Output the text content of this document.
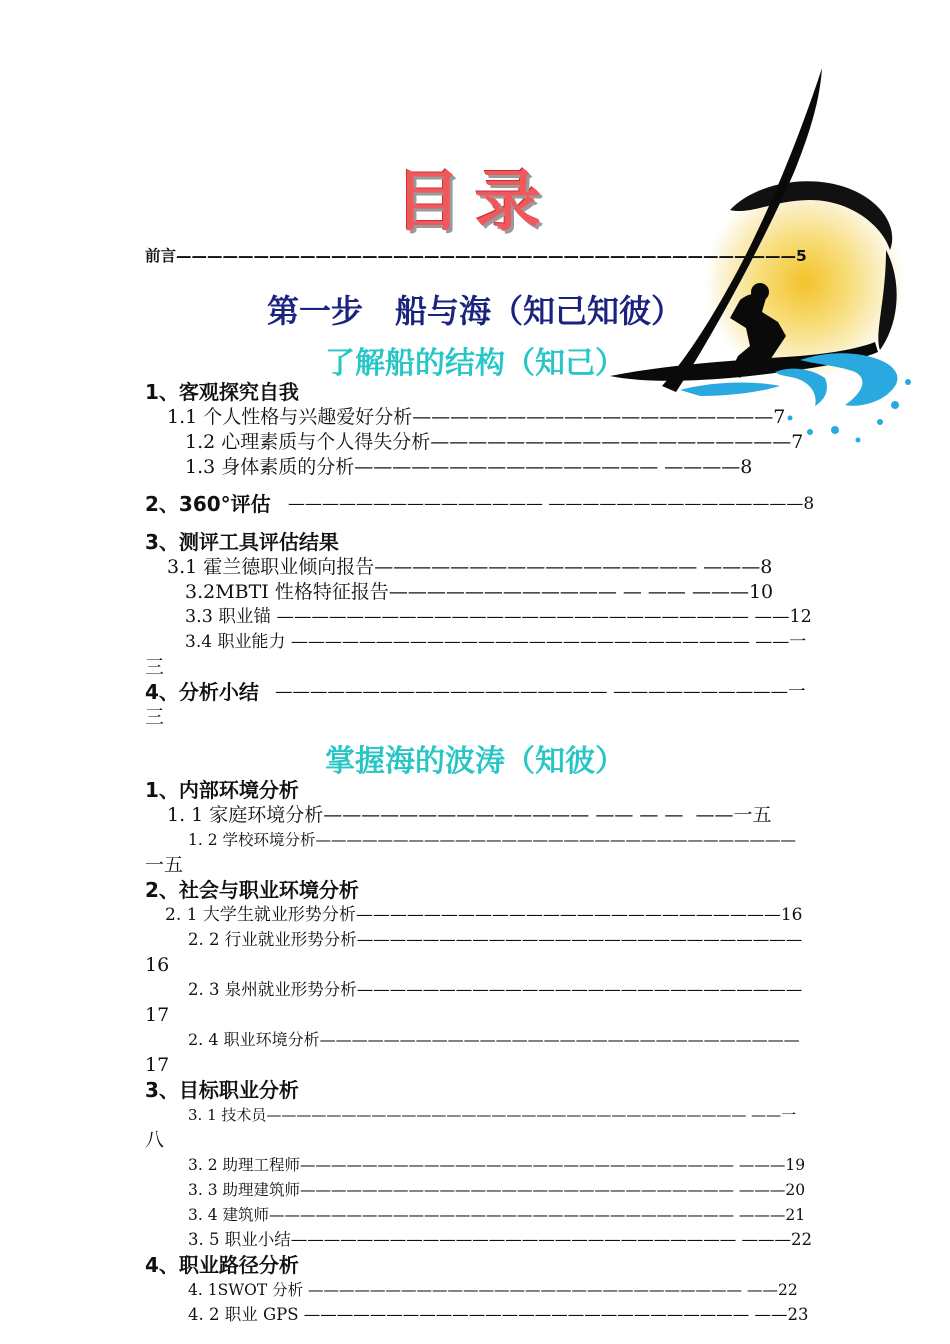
目录
前言————————————————————————————————————————5
第一步　船与海（知己知彼）
了解船的结构（知己）
1、客观探究自我
1.1 个人性格与兴趣爱好分析———————————————————7
1.2 心理素质与个人得失分析———————————————————7
1.3 身体素质的分析———————————————— ————8
2、360°评估 ——————————————— ———————————————8
3、测评工具评估结果
3.1 霍兰德职业倾向报告————————————————— ———8
3.2MBTI 性格特征报告———————————— — —— ———10
3.3 职业锚 ——————————————————————————— ——12
3.4 职业能力 ——————————————————————————— ——一
三
4、分析小结 ——————————————————— ——————————一
三
掌握海的波涛（知彼）
1、内部环境分析
1. 1 家庭环境分析—————————————— —— — —  ——一五
1. 2 学校环境分析———————————————————————————————
一五
2、社会与职业环境分析
2. 1 大学生就业形势分析—————————————————————————16
2. 2 行业就业形势分析———————————————————————————
16
2. 3 泉州就业形势分析———————————————————————————
17
2. 4 职业环境分析——————————————————————————————
17
3、目标职业分析
3. 1 技术员———————————————————————————————— ——一
八
3. 2 助理工程师———————————————————————————— ———19
3. 3 助理建筑师———————————————————————————— ———20
3. 4 建筑师—————————————————————————————— ———21
3. 5 职业小结——————————————————————————— ———22
4、职业路径分析
4. 1SWOT 分析 ———————————————————————————— ——22
4. 2 职业 GPS ——————————————————————————— ——23
